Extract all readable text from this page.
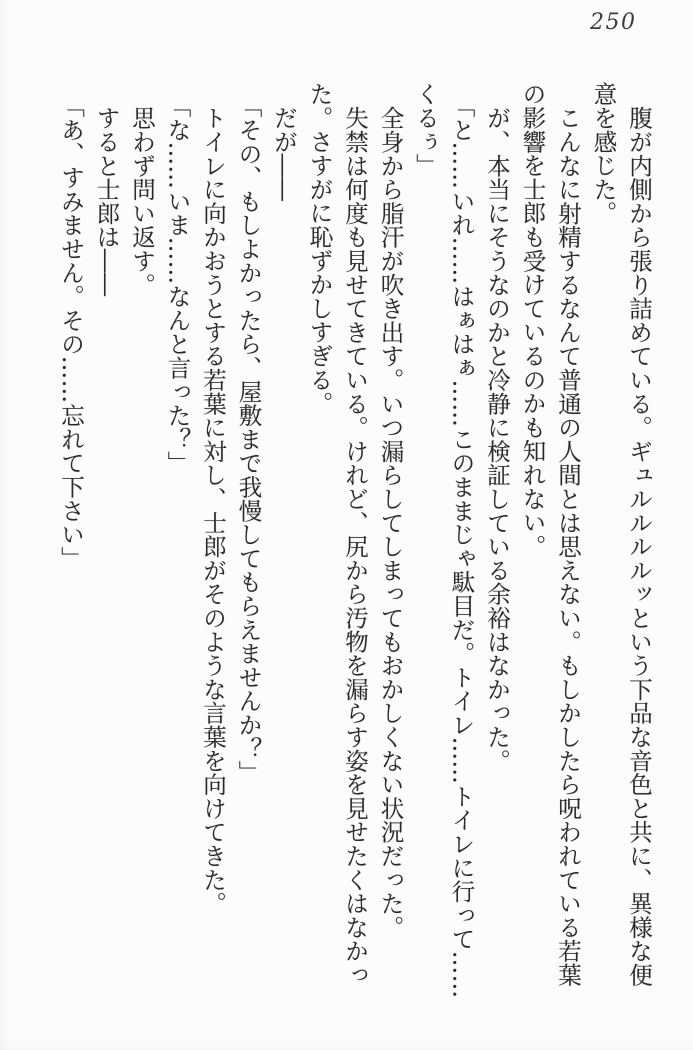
250

腹が内側から張り詰めている。ギュルルルルッという下品な音色と共に、異様な便

意を感じた。

こんなに射精するなんて普通の人間とは思えない。もしかしたら呪われている若葉

の影響を士郎も受けているのかも知れない。

が、本当にそうなのかと冷静に検証している余裕はなかった。

「と……いれ……はぁはぁ……このままじゃ駄目だ。トイレ……トイレに行って……

くるぅ」

全身から脂汗が吹き出す。いつ漏らしてしまってもおかしくない状況だった。

失禁は何度も見せてきている。けれど、尻から汚物を漏らす姿を見せたくはなかっ

た。さすがに恥ずかしすぎる。

だが――

「その、もしよかったら、屋敷まで我慢してもらえませんか？」

トイレに向かおうとする若葉に対し、士郎がそのような言葉を向けてきた。

「な……いま……なんと言った？」

思わず問い返す。

すると士郎は――

「あ、すみません。その……忘れて下さい」
